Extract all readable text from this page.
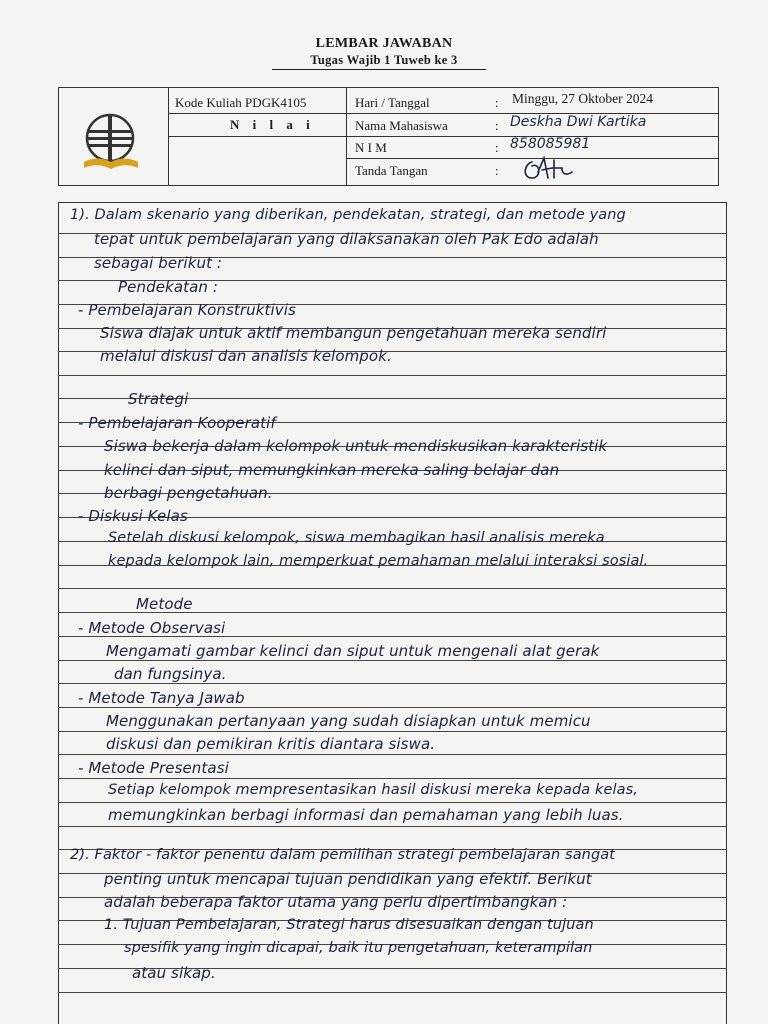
LEMBAR JAWABAN
Tugas Wajib 1 Tuweb ke 3
Kode Kuliah PDGK4105
N i l a i
Hari / Tanggal	: Minggu, 27 Oktober 2024
Nama Mahasiswa	: Deskha Dwi Kartika
N I M	: 858085981
Tanda Tangan	:
1). Dalam skenario yang diberikan, pendekatan, strategi, dan metode yang
tepat untuk pembelajaran yang dilaksanakan oleh Pak Edo adalah
sebagai berikut :
Pendekatan :
- Pembelajaran Konstruktivis
Siswa diajak untuk aktif membangun pengetahuan mereka sendiri
melalui diskusi dan analisis kelompok.
Strategi
- Pembelajaran Kooperatif
Siswa bekerja dalam kelompok untuk mendiskusikan karakteristik
kelinci dan siput, memungkinkan mereka saling belajar dan
berbagi pengetahuan.
- Diskusi Kelas
Setelah diskusi kelompok, siswa membagikan hasil analisis mereka
kepada kelompok lain, memperkuat pemahaman melalui interaksi sosial.
Metode
- Metode Observasi
Mengamati gambar kelinci dan siput untuk mengenali alat gerak
dan fungsinya.
- Metode Tanya Jawab
Menggunakan pertanyaan yang sudah disiapkan untuk memicu
diskusi dan pemikiran kritis diantara siswa.
- Metode Presentasi
Setiap kelompok mempresentasikan hasil diskusi mereka kepada kelas,
memungkinkan berbagi informasi dan pemahaman yang lebih luas.
2). Faktor - faktor penentu dalam pemilihan strategi pembelajaran sangat
penting untuk mencapai tujuan pendidikan yang efektif. Berikut
adalah beberapa faktor utama yang perlu dipertimbangkan :
1. Tujuan Pembelajaran, Strategi harus disesuaikan dengan tujuan
spesifik yang ingin dicapai, baik itu pengetahuan, keterampilan
atau sikap.
